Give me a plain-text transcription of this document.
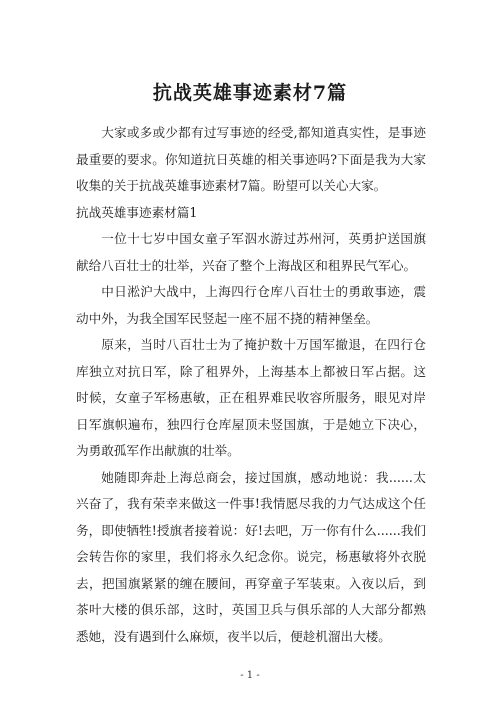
抗战英雄事迹素材7篇

大家或多或少都有过写事迹的经受,都知道真实性，是事迹最重要的要求。你知道抗日英雄的相关事迹吗?下面是我为大家收集的关于抗战英雄事迹素材7篇。盼望可以关心大家。

抗战英雄事迹素材篇1

一位十七岁中国女童子军泅水游过苏州河，英勇护送国旗献给八百壮士的壮举，兴奋了整个上海战区和租界民气军心。

中日淞沪大战中，上海四行仓库八百壮士的勇敢事迹，震动中外，为我全国军民竖起一座不屈不挠的精神堡垒。

原来，当时八百壮士为了掩护数十万国军撤退，在四行仓库独立对抗日军，除了租界外，上海基本上都被日军占据。这时候，女童子军杨惠敏，正在租界难民收容所服务，眼见对岸日军旗帜遍布，独四行仓库屋顶未竖国旗，于是她立下决心，为勇敢孤军作出献旗的壮举。

她随即奔赴上海总商会，接过国旗，感动地说：我......太兴奋了，我有荣幸来做这一件事!我情愿尽我的力气达成这个任务，即使牺牲!授旗者接着说：好!去吧，万一你有什么......我们会转告你的家里，我们将永久纪念你。说完，杨惠敏将外衣脱去，把国旗紧紧的缠在腰间，再穿童子军装束。入夜以后，到茶叶大楼的俱乐部，这时，英国卫兵与俱乐部的人大部分都熟悉她，没有遇到什么麻烦，夜半以后，便趁机溜出大楼。

- 1 -
